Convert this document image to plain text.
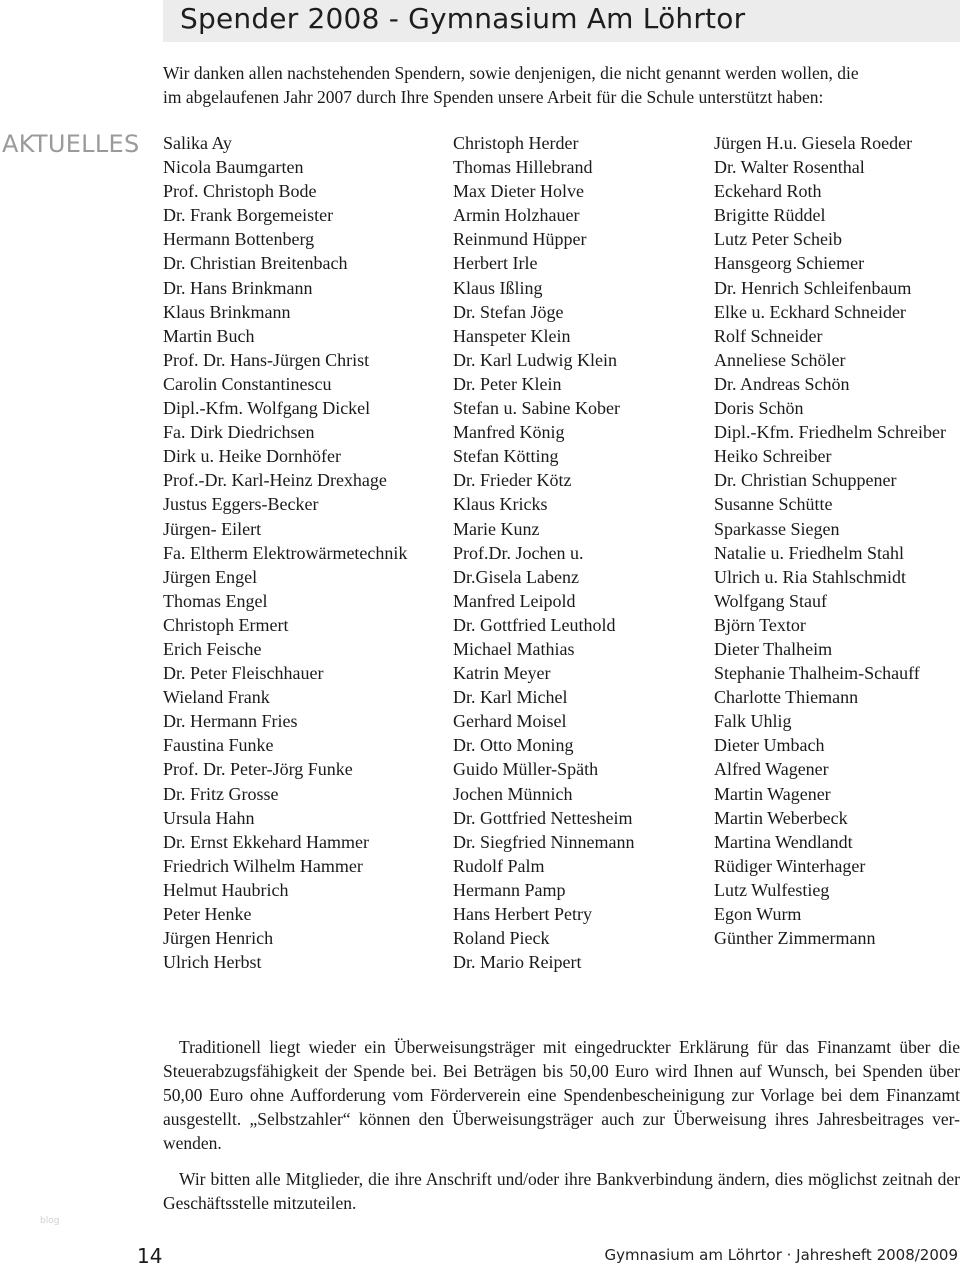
Spender 2008 - Gymnasium Am Löhrtor

Wir danken allen nachstehenden Spendern, sowie denjenigen, die nicht genannt werden wollen, die
im abgelaufenen Jahr 2007 durch Ihre Spenden unsere Arbeit für die Schule unterstützt haben:

AKTUELLES Salika Ay
Nicola Baumgarten
Prof. Christoph Bode
Dr. Frank Borgemeister
Hermann Bottenberg
Dr. Christian Breitenbach
Dr. Hans Brinkmann
Klaus Brinkmann
Martin Buch
Prof. Dr. Hans-Jürgen Christ
Carolin Constantinescu
Dipl.-Kfm. Wolfgang Dickel
Fa. Dirk Diedrichsen
Dirk u. Heike Dornhöfer
Prof.-Dr. Karl-Heinz Drexhage
Justus Eggers-Becker
Jürgen- Eilert
Fa. Eltherm Elektrowärmetechnik
Jürgen Engel
Thomas Engel
Christoph Ermert
Erich Feische
Dr. Peter Fleischhauer
Wieland Frank
Dr. Hermann Fries
Faustina Funke
Prof. Dr. Peter-Jörg Funke
Dr. Fritz Grosse
Ursula Hahn
Dr. Ernst Ekkehard Hammer
Friedrich Wilhelm Hammer
Helmut Haubrich
Peter Henke
Jürgen Henrich
Ulrich Herbst
Christoph Herder
Thomas Hillebrand
Max Dieter Holve
Armin Holzhauer
Reinmund Hüpper
Herbert Irle
Klaus Ißling
Dr. Stefan Jöge
Hanspeter Klein
Dr. Karl Ludwig Klein
Dr. Peter Klein
Stefan u. Sabine Kober
Manfred König
Stefan Kötting
Dr. Frieder Kötz
Klaus Kricks
Marie Kunz
Prof.Dr. Jochen u.
Dr.Gisela Labenz
Manfred Leipold
Dr. Gottfried Leuthold
Michael Mathias
Katrin Meyer
Dr. Karl Michel
Gerhard Moisel
Dr. Otto Moning
Guido Müller-Späth
Jochen Münnich
Dr. Gottfried Nettesheim
Dr. Siegfried Ninnemann
Rudolf Palm
Hermann Pamp
Hans Herbert Petry
Roland Pieck
Dr. Mario Reipert
Jürgen H.u. Giesela Roeder
Dr. Walter Rosenthal
Eckehard Roth
Brigitte Rüddel
Lutz Peter Scheib
Hansgeorg Schiemer
Dr. Henrich Schleifenbaum
Elke u. Eckhard Schneider
Rolf Schneider
Anneliese Schöler
Dr. Andreas Schön
Doris Schön
Dipl.-Kfm. Friedhelm Schreiber
Heiko Schreiber
Dr. Christian Schuppener
Susanne Schütte
Sparkasse Siegen
Natalie u. Friedhelm Stahl
Ulrich u. Ria Stahlschmidt
Wolfgang Stauf
Björn Textor
Dieter Thalheim
Stephanie Thalheim-Schauff
Charlotte Thiemann
Falk Uhlig
Dieter Umbach
Alfred Wagener
Martin Wagener
Martin Weberbeck
Martina Wendlandt
Rüdiger Winterhager
Lutz Wulfestieg
Egon Wurm
Günther Zimmermann

Traditionell liegt wieder ein Überweisungsträger mit eingedruckter Erklärung für das Finanzamt über die
Steuerabzugsfähigkeit der Spende bei. Bei Beträgen bis 50,00 Euro wird Ihnen auf Wunsch, bei Spenden über
50,00 Euro ohne Aufforderung vom Förderverein eine Spendenbescheinigung zur Vorlage bei dem Finanzamt
ausgestellt. „Selbstzahler“ können den Überweisungsträger auch zur Überweisung ihres Jahresbeitrages ver-
wenden.

Wir bitten alle Mitglieder, die ihre Anschrift und/oder ihre Bankverbindung ändern, dies möglichst zeitnah der
Geschäftsstelle mitzuteilen.

blog
14	Gymnasium am Löhrtor · Jahresheft 2008/2009
